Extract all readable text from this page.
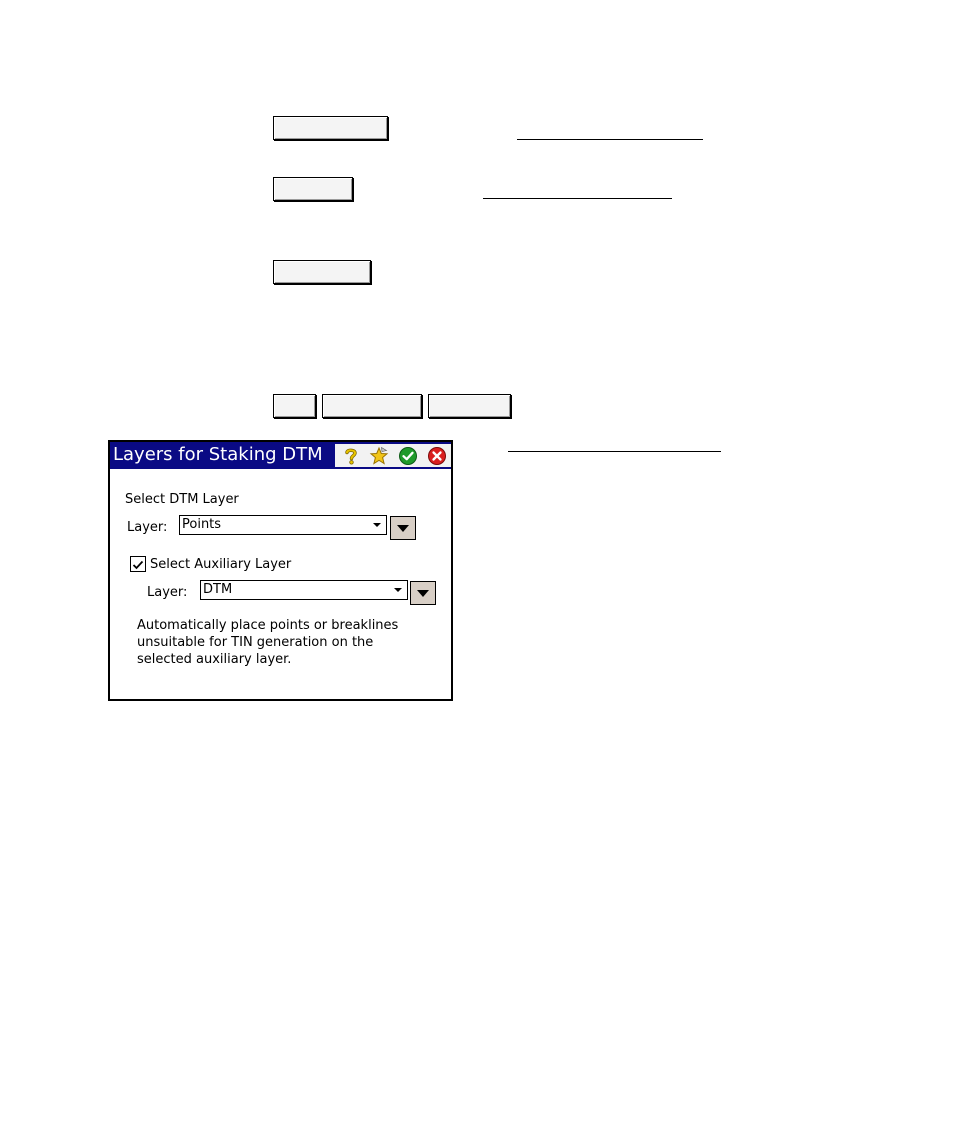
Layers for Staking DTM
Select DTM Layer
Layer: Points
Select Auxiliary Layer
Layer: DTM
Automatically place points or breaklines unsuitable for TIN generation on the selected auxiliary layer.
